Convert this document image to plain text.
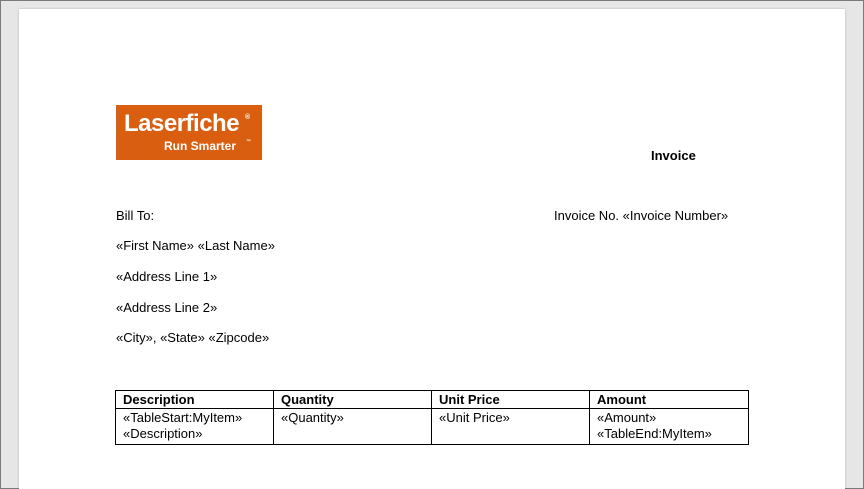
Laserfiche ®
Run Smarter ™
Invoice
Bill To:	Invoice No. «Invoice Number»
«First Name» «Last Name»
«Address Line 1»
«Address Line 2»
«City», «State» «Zipcode»
Description	Quantity	Unit Price	Amount

«TableStart:MyItem»
«Description»	«Quantity»	«Unit Price»	«Amount»
«TableEnd:MyItem»
